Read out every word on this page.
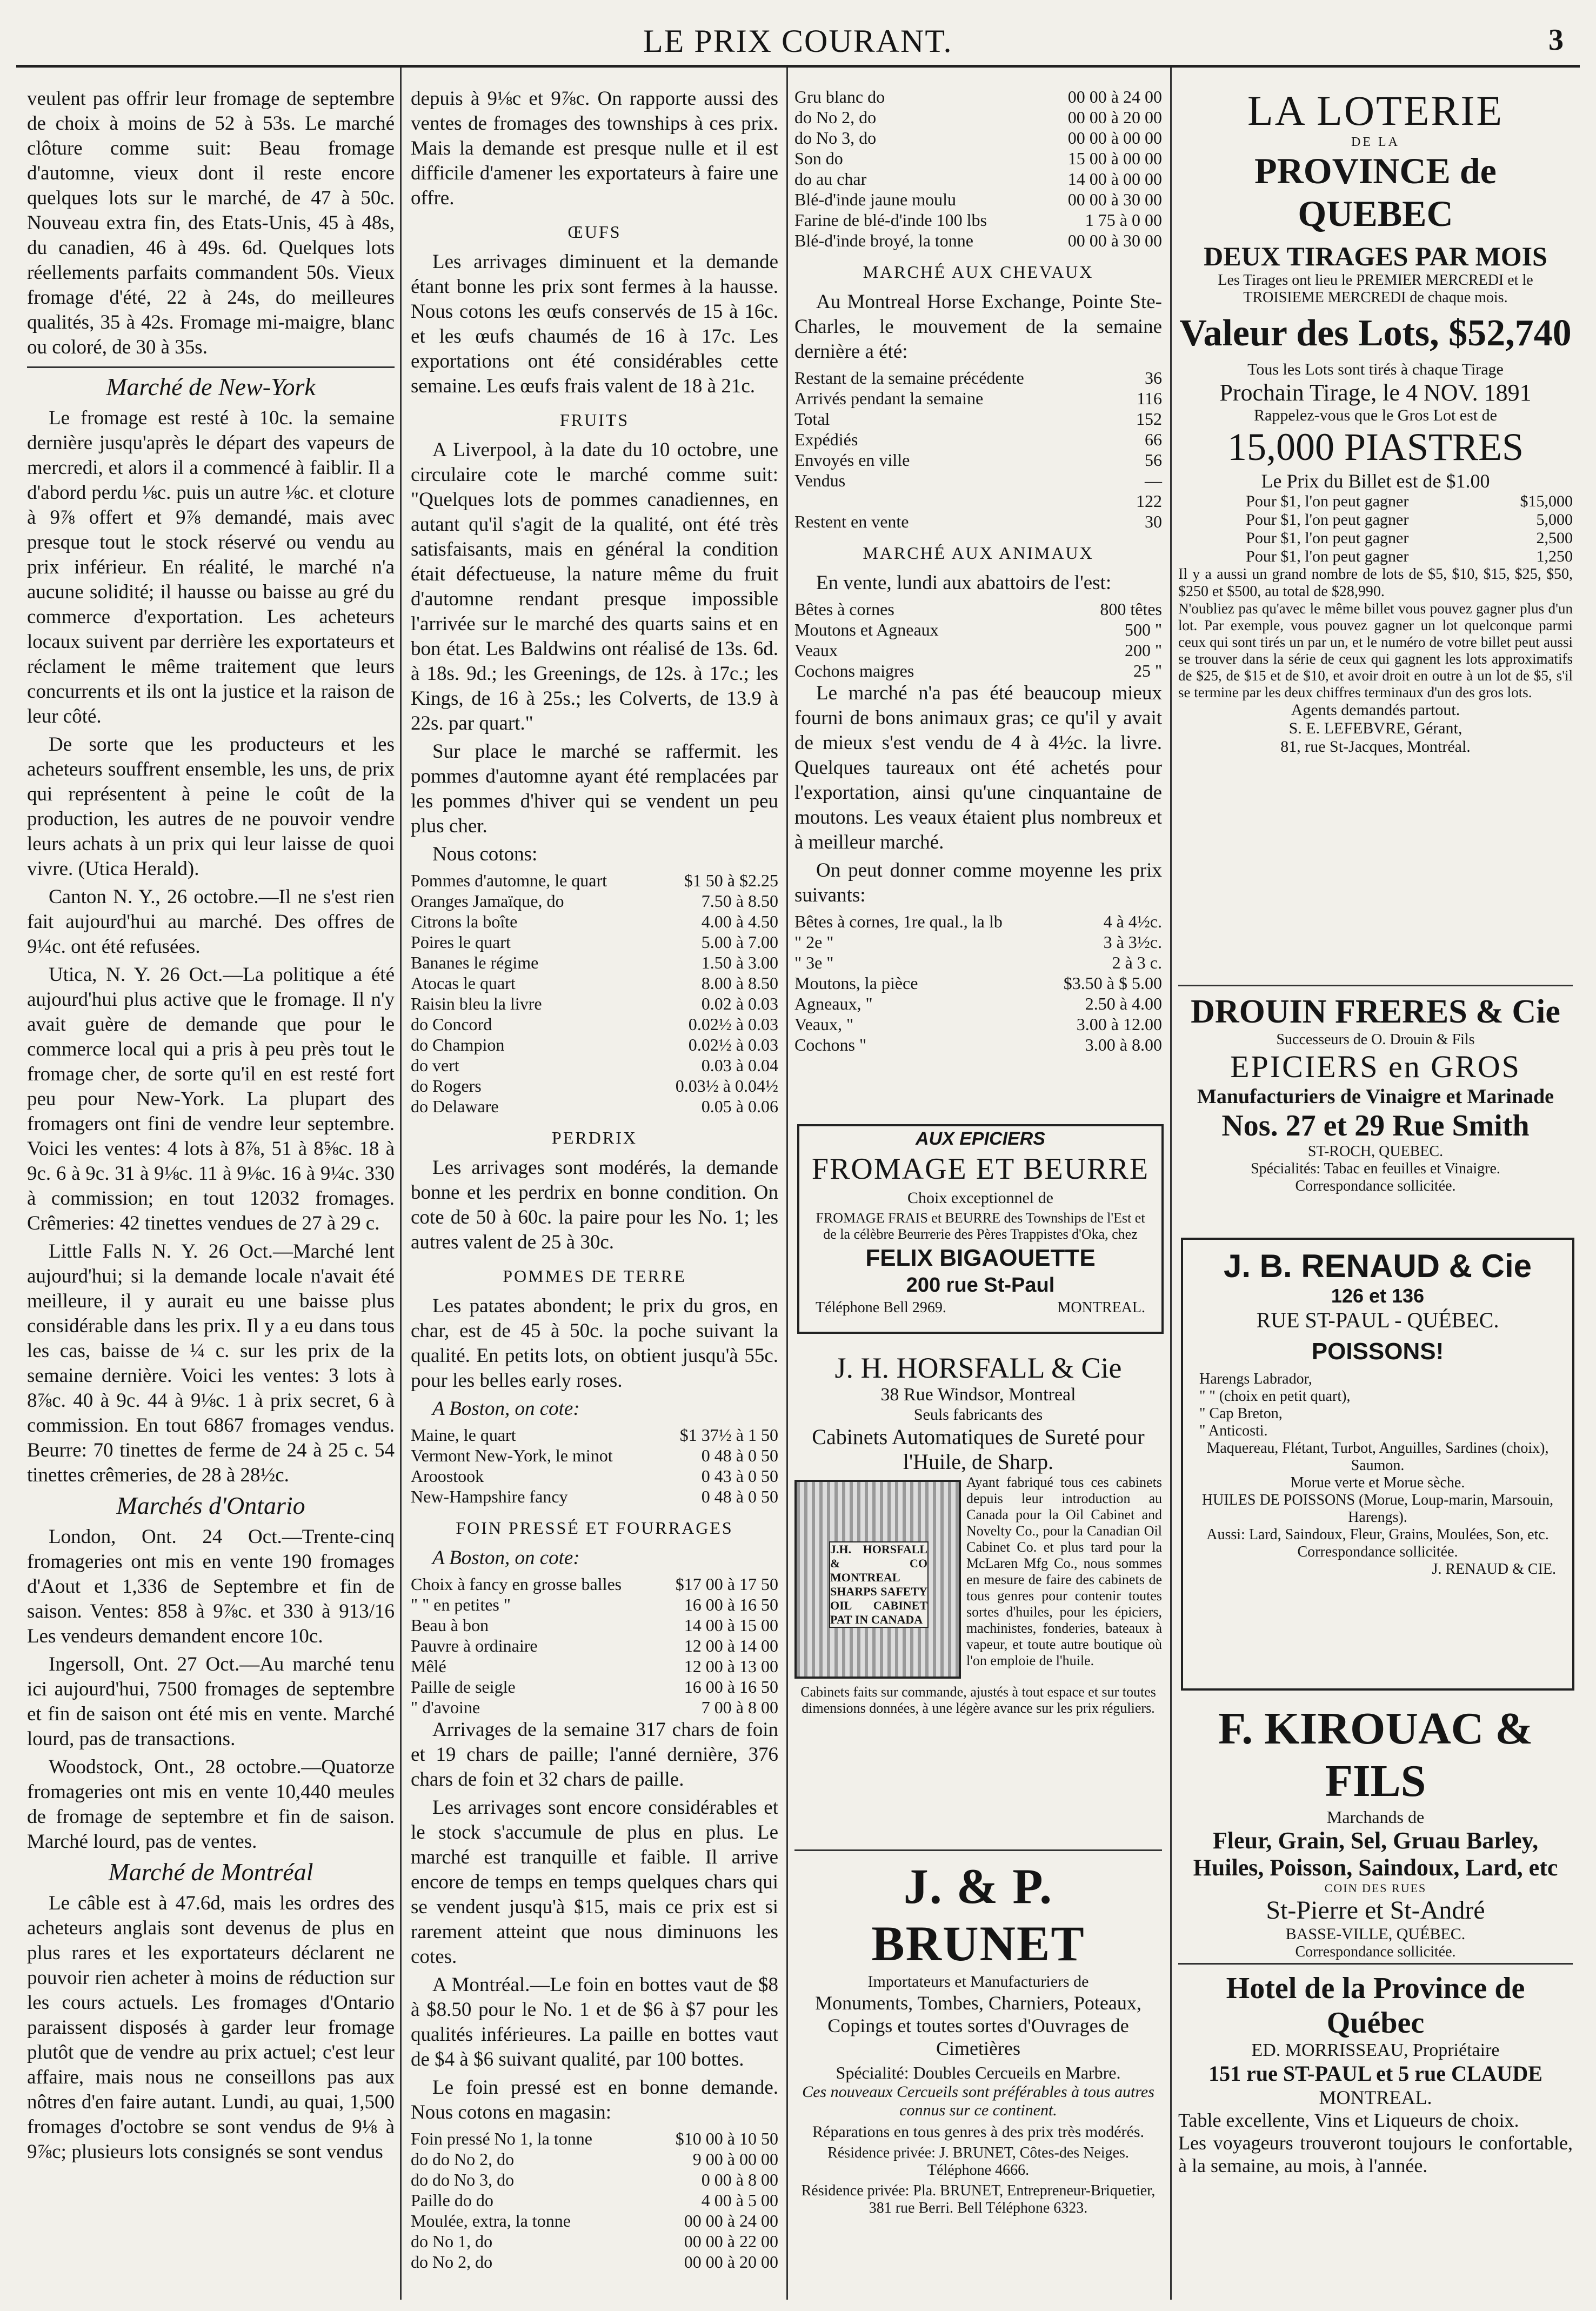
LE PRIX COURANT.	3

veulent pas offrir leur fromage de septembre de choix à moins de 52 à 53s. Le marché clôture comme suit: Beau fromage d'automne, vieux dont il reste encore quelques lots sur le marché, de 47 à 50c. Nouveau extra fin, des Etats-Unis, 45 à 48s, du canadien, 46 à 49s. 6d. Quelques lots réellements parfaits commandent 50s. Vieux fromage d'été, 22 à 24s, do meilleures qualités, 35 à 42s. Fromage mi-maigre, blanc ou coloré, de 30 à 35s.

Marché de New-York

Le fromage est resté à 10c. la semaine dernière jusqu'après le départ des vapeurs de mercredi, et alors il a commencé à faiblir. Il a d'abord perdu ⅛c. puis un autre ⅛c. et cloture à 9⅞ offert et 9⅞ demandé, mais avec presque tout le stock réservé ou vendu au prix inférieur. En réalité, le marché n'a aucune solidité; il hausse ou baisse au gré du commerce d'exportation. Les acheteurs locaux suivent par derrière les exportateurs et réclament le même traitement que leurs concurrents et ils ont la justice et la raison de leur côté.

De sorte que les producteurs et les acheteurs souffrent ensemble, les uns, de prix qui représentent à peine le coût de la production, les autres de ne pouvoir vendre leurs achats à un prix qui leur laisse de quoi vivre. (Utica Herald).

Canton N. Y., 26 octobre.—Il ne s'est rien fait aujourd'hui au marché. Des offres de 9¼c. ont été refusées.

Utica, N. Y. 26 Oct.—La politique a été aujourd'hui plus active que le fromage. Il n'y avait guère de demande que pour le commerce local qui a pris à peu près tout le fromage cher, de sorte qu'il en est resté fort peu pour New-York. La plupart des fromagers ont fini de vendre leur septembre. Voici les ventes: 4 lots à 8⅞, 51 à 8⅝c. 18 à 9c. 6 à 9c. 31 à 9⅛c. 11 à 9⅛c. 16 à 9¼c. 330 à commission; en tout 12032 fromages. Crêmeries: 42 tinettes vendues de 27 à 29 c.

Little Falls N. Y. 26 Oct.—Marché lent aujourd'hui; si la demande locale n'avait été meilleure, il y aurait eu une baisse plus considérable dans les prix. Il y a eu dans tous les cas, baisse de ¼ c. sur les prix de la semaine dernière. Voici les ventes: 3 lots à 8⅞c. 40 à 9c. 44 à 9⅛c. 1 à prix secret, 6 à commission. En tout 6867 fromages vendus. Beurre: 70 tinettes de ferme de 24 à 25 c. 54 tinettes crêmeries, de 28 à 28½c.

Marchés d'Ontario

London, Ont. 24 Oct.—Trente-cinq fromageries ont mis en vente 190 fromages d'Aout et 1,336 de Septembre et fin de saison. Ventes: 858 à 9⅞c. et 330 à 913/16 Les vendeurs demandent encore 10c.

Ingersoll, Ont. 27 Oct.—Au marché tenu ici aujourd'hui, 7500 fromages de septembre et fin de saison ont été mis en vente. Marché lourd, pas de transactions.

Woodstock, Ont., 28 octobre.—Quatorze fromageries ont mis en vente 10,440 meules de fromage de septembre et fin de saison. Marché lourd, pas de ventes.

Marché de Montréal

Le câble est à 47.6d, mais les ordres des acheteurs anglais sont devenus de plus en plus rares et les exportateurs déclarent ne pouvoir rien acheter à moins de réduction sur les cours actuels. Les fromages d'Ontario paraissent disposés à garder leur fromage plutôt que de vendre au prix actuel; c'est leur affaire, mais nous ne conseillons pas aux nôtres d'en faire autant. Lundi, au quai, 1,500 fromages d'octobre se sont vendus de 9⅛ à 9⅞c; plusieurs lots consignés se sont vendus

depuis à 9⅛c et 9⅞c. On rapporte aussi des ventes de fromages des townships à ces prix. Mais la demande est presque nulle et il est difficile d'amener les exportateurs à faire une offre.

ŒUFS

Les arrivages diminuent et la demande étant bonne les prix sont fermes à la hausse. Nous cotons les œufs conservés de 15 à 16c. et les œufs chaumés de 16 à 17c. Les exportations ont été considérables cette semaine. Les œufs frais valent de 18 à 21c.

FRUITS

A Liverpool, à la date du 10 octobre, une circulaire cote le marché comme suit: "Quelques lots de pommes canadiennes, en autant qu'il s'agit de la qualité, ont été très satisfaisants, mais en général la condition était défectueuse, la nature même du fruit d'automne rendant presque impossible l'arrivée sur le marché des quarts sains et en bon état. Les Baldwins ont réalisé de 13s. 6d. à 18s. 9d.; les Greenings, de 12s. à 17c.; les Kings, de 16 à 25s.; les Colverts, de 13.9 à 22s. par quart."

Sur place le marché se raffermit. les pommes d'automne ayant été remplacées par les pommes d'hiver qui se vendent un peu plus cher.

Nous cotons:

Pommes d'automne, le quart	$1 50 à $2.25
Oranges Jamaïque, do	7.50 à 8.50
Citrons la boîte	4.00 à 4.50
Poires le quart	5.00 à 7.00
Bananes le régime	1.50 à 3.00
Atocas le quart	8.00 à 8.50
Raisin bleu la livre	0.02 à 0.03
do Concord	0.02½ à 0.03
do Champion	0.02½ à 0.03
do vert	0.03 à 0.04
do Rogers	0.03½ à 0.04½
do Delaware	0.05 à 0.06
PERDRIX

Les arrivages sont modérés, la demande bonne et les perdrix en bonne condition. On cote de 50 à 60c. la paire pour les No. 1; les autres valent de 25 à 30c.

POMMES DE TERRE

Les patates abondent; le prix du gros, en char, est de 45 à 50c. la poche suivant la qualité. En petits lots, on obtient jusqu'à 55c. pour les belles early roses.

A Boston, on cote:

Maine, le quart	$1 37½ à 1 50
Vermont New-York, le minot	0 48 à 0 50
Aroostook	0 43 à 0 50
New-Hampshire fancy	0 48 à 0 50
FOIN PRESSÉ ET FOURRAGES

A Boston, on cote:

Choix à fancy en grosse balles	$17 00 à 17 50
" " en petites "	16 00 à 16 50
Beau à bon	14 00 à 15 00
Pauvre à ordinaire	12 00 à 14 00
Mêlé	12 00 à 13 00
Paille de seigle	16 00 à 16 50
" d'avoine	7 00 à 8 00

Arrivages de la semaine 317 chars de foin et 19 chars de paille; l'anné dernière, 376 chars de foin et 32 chars de paille.

Les arrivages sont encore considérables et le stock s'accumule de plus en plus. Le marché est tranquille et faible. Il arrive encore de temps en temps quelques chars qui se vendent jusqu'à $15, mais ce prix est si rarement atteint que nous diminuons les cotes.

A Montréal.—Le foin en bottes vaut de $8 à $8.50 pour le No. 1 et de $6 à $7 pour les qualités inférieures. La paille en bottes vaut de $4 à $6 suivant qualité, par 100 bottes.

Le foin pressé est en bonne demande. Nous cotons en magasin:

Foin pressé No 1, la tonne	$10 00 à 10 50
do do No 2, do	9 00 à 00 00
do do No 3, do	0 00 à 8 00
Paille do do	4 00 à 5 00
Moulée, extra, la tonne	00 00 à 24 00
do No 1, do	00 00 à 22 00
do No 2, do	00 00 à 20 00
Gru blanc do	00 00 à 24 00
do No 2, do	00 00 à 20 00
do No 3, do	00 00 à 00 00
Son do	15 00 à 00 00
do au char	14 00 à 00 00
Blé-d'inde jaune moulu	00 00 à 30 00
Farine de blé-d'inde 100 lbs	1 75 à 0 00
Blé-d'inde broyé, la tonne	00 00 à 30 00
MARCHÉ AUX CHEVAUX

Au Montreal Horse Exchange, Pointe Ste-Charles, le mouvement de la semaine dernière a été:

Restant de la semaine précédente	36
Arrivés pendant la semaine	116
Total	152
Expédiés	66
Envoyés en ville	56
Vendus	—
	122
Restent en vente	30
MARCHÉ AUX ANIMAUX

En vente, lundi aux abattoirs de l'est:

Bêtes à cornes	800 têtes
Moutons et Agneaux	500 "
Veaux	200 "
Cochons maigres	25 "

Le marché n'a pas été beaucoup mieux fourni de bons animaux gras; ce qu'il y avait de mieux s'est vendu de 4 à 4½c. la livre. Quelques taureaux ont été achetés pour l'exportation, ainsi qu'une cinquantaine de moutons. Les veaux étaient plus nombreux et à meilleur marché.

On peut donner comme moyenne les prix suivants:

Bêtes à cornes, 1re qual., la lb	4 à 4½c.
" 2e "	3 à 3½c.
" 3e "	2 à 3 c.
Moutons, la pièce	$3.50 à $ 5.00
Agneaux, "	2.50 à 4.00
Veaux, "	3.00 à 12.00
Cochons "	3.00 à 8.00
AUX EPICIERS
FROMAGE ET BEURRE
Choix exceptionnel de
FROMAGE FRAIS et BEURRE des Townships de l'Est et de la célèbre Beurrerie des Pères Trappistes d'Oka, chez
FELIX BIGAOUETTE
200 rue St-Paul
Téléphone Bell 2969.	MONTREAL.
J. H. HORSFALL & Cie
38 Rue Windsor, Montreal
Seuls fabricants des
Cabinets Automatiques de Sureté pour l'Huile, de Sharp.
J.H. HORSFALL & CO MONTREAL SHARPS SAFETY OIL CABINET PAT IN CANADA
Ayant fabriqué tous ces cabinets depuis leur introduction au Canada pour la Oil Cabinet and Novelty Co., pour la Canadian Oil Cabinet Co. et plus tard pour la McLaren Mfg Co., nous sommes en mesure de faire des cabinets de tous genres pour contenir toutes sortes d'huiles, pour les épiciers, machinistes, fonderies, bateaux à vapeur, et toute autre boutique où l'on emploie de l'huile.
Cabinets faits sur commande, ajustés à tout espace et sur toutes dimensions données, à une légère avance sur les prix réguliers.
J. & P. BRUNET
Importateurs et Manufacturiers de
Monuments, Tombes, Charniers, Poteaux, Copings et toutes sortes d'Ouvrages de Cimetières
Spécialité: Doubles Cercueils en Marbre.
Ces nouveaux Cercueils sont préférables à tous autres connus sur ce continent.
Réparations en tous genres à des prix très modérés.
Résidence privée: J. BRUNET, Côtes-des Neiges. Téléphone 4666.
Résidence privée: Pla. BRUNET, Entrepreneur-Briquetier, 381 rue Berri. Bell Téléphone 6323.
LA LOTERIE
DE LA
PROVINCE de QUEBEC
DEUX TIRAGES PAR MOIS
Les Tirages ont lieu le PREMIER MERCREDI et le TROISIEME MERCREDI de chaque mois.
Valeur des Lots, $52,740
Tous les Lots sont tirés à chaque Tirage
Prochain Tirage, le 4 NOV. 1891
Rappelez-vous que le Gros Lot est de
15,000 PIASTRES
Le Prix du Billet est de $1.00
Pour $1, l'on peut gagner	$15,000
Pour $1, l'on peut gagner	5,000
Pour $1, l'on peut gagner	2,500
Pour $1, l'on peut gagner	1,250
Il y a aussi un grand nombre de lots de $5, $10, $15, $25, $50, $250 et $500, au total de $28,990.
N'oubliez pas qu'avec le même billet vous pouvez gagner plus d'un lot. Par exemple, vous pouvez gagner un lot quelconque parmi ceux qui sont tirés un par un, et le numéro de votre billet peut aussi se trouver dans la série de ceux qui gagnent les lots approximatifs de $25, de $15 et de $10, et avoir droit en outre à un lot de $5, s'il se termine par les deux chiffres terminaux d'un des gros lots.
Agents demandés partout.
S. E. LEFEBVRE, Gérant,
81, rue St-Jacques, Montréal.
DROUIN FRERES & Cie
Successeurs de O. Drouin & Fils
EPICIERS en GROS
Manufacturiers de Vinaigre et Marinade
Nos. 27 et 29 Rue Smith
ST-ROCH, QUEBEC.
Spécialités: Tabac en feuilles et Vinaigre.
Correspondance sollicitée.
J. B. RENAUD & Cie
126 et 136
RUE ST-PAUL - QUÉBEC.
POISSONS!
Harengs Labrador,
" " (choix en petit quart),
" Cap Breton,
" Anticosti.
Maquereau, Flétant, Turbot, Anguilles, Sardines (choix), Saumon.
Morue verte et Morue sèche.
HUILES DE POISSONS (Morue, Loup-marin, Marsouin, Harengs).
Aussi: Lard, Saindoux, Fleur, Grains, Moulées, Son, etc.
Correspondance sollicitée.
J. RENAUD & CIE.
F. KIROUAC & FILS
Marchands de
Fleur, Grain, Sel, Gruau Barley, Huiles, Poisson, Saindoux, Lard, etc
COIN DES RUES
St-Pierre et St-André
BASSE-VILLE, QUÉBEC.
Correspondance sollicitée.
Hotel de la Province de Québec
ED. MORRISSEAU, Propriétaire
151 rue ST-PAUL et 5 rue CLAUDE
MONTREAL.
Table excellente, Vins et Liqueurs de choix.
Les voyageurs trouveront toujours le confortable, à la semaine, au mois, à l'année.
